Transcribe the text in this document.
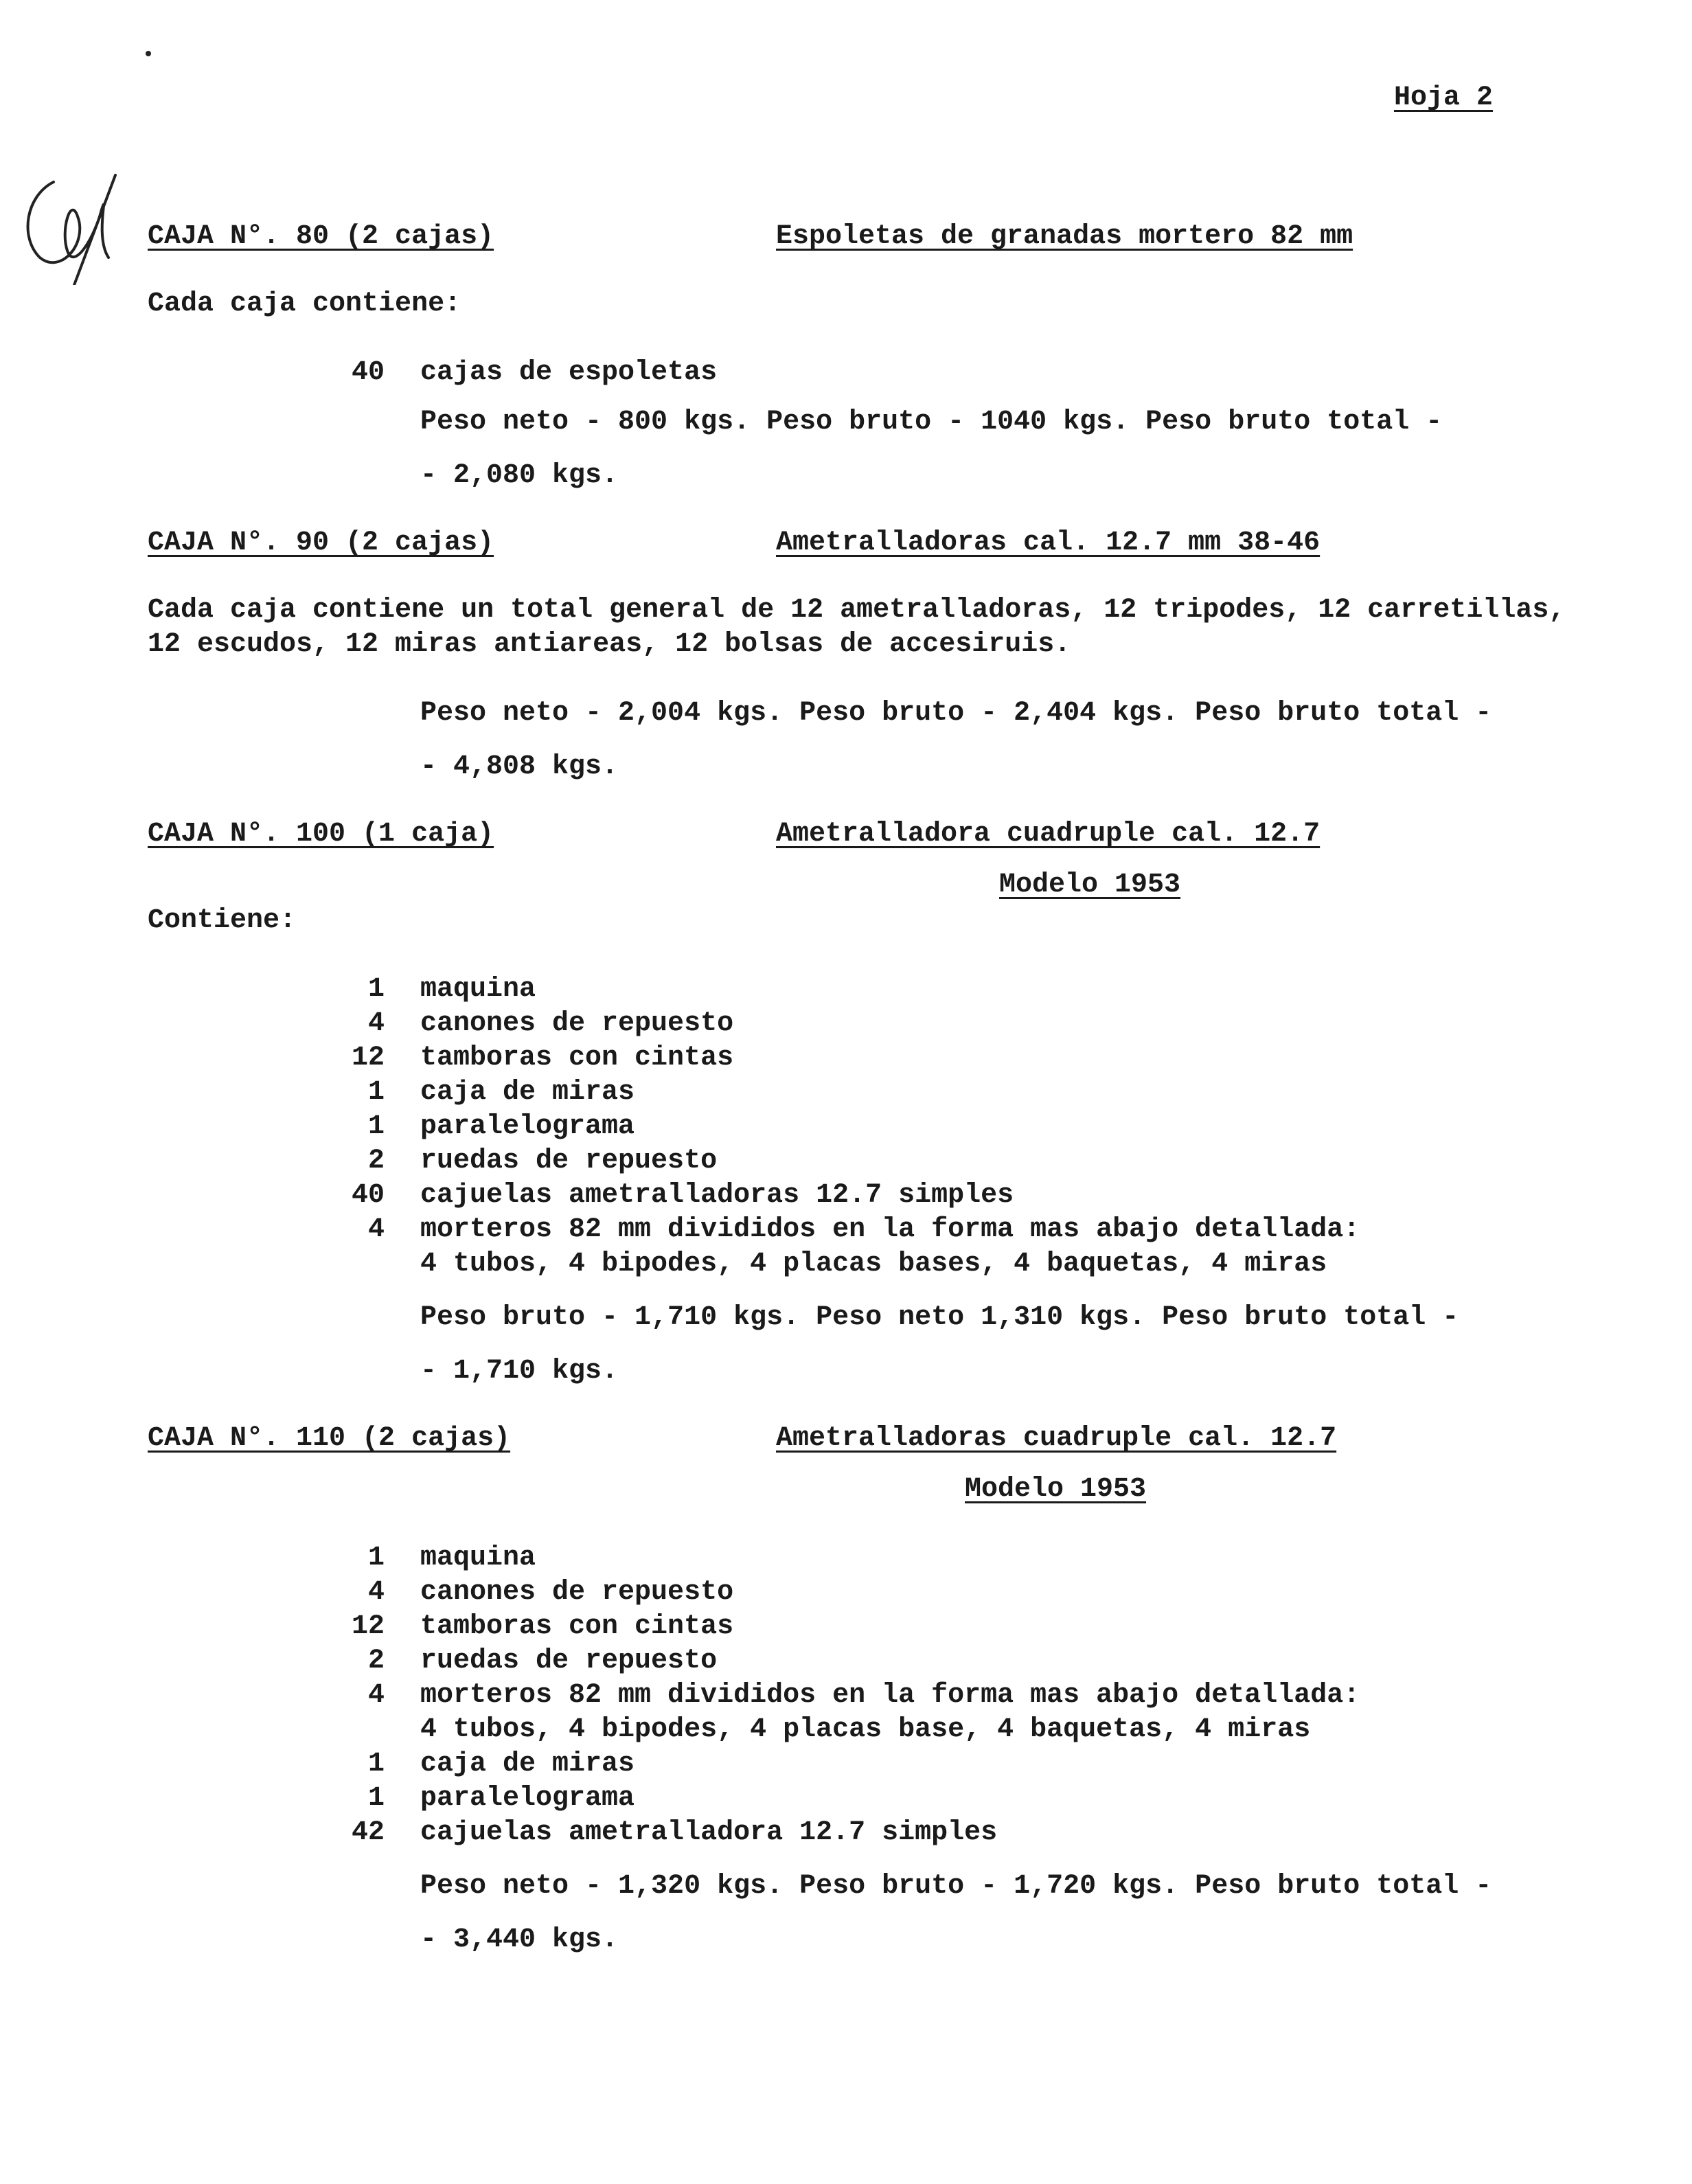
Hoja 2
CAJA N°. 80 (2 cajas)	Espoletas de granadas mortero 82 mm
Cada caja contiene:
40 cajas de espoletas
Peso neto - 800 kgs. Peso bruto - 1040 kgs. Peso bruto total -
- 2,080 kgs.
CAJA N°. 90 (2 cajas)	Ametralladoras cal. 12.7 mm 38-46
Cada caja contiene un total general de 12 ametralladoras, 12 tripodes, 12 carretillas,
12 escudos, 12 miras antiareas, 12 bolsas de accesiruis.
Peso neto - 2,004 kgs. Peso bruto - 2,404 kgs. Peso bruto total -
- 4,808 kgs.
CAJA N°. 100 (1 caja)	Ametralladora cuadruple cal. 12.7
Modelo 1953
Contiene:
1 maquina
4 canones de repuesto
12 tamboras con cintas
1 caja de miras
1 paralelograma
2 ruedas de repuesto
40 cajuelas ametralladoras 12.7 simples
4 morteros 82 mm divididos en la forma mas abajo detallada:
4 tubos, 4 bipodes, 4 placas bases, 4 baquetas, 4 miras
Peso bruto - 1,710 kgs. Peso neto 1,310 kgs. Peso bruto total -
- 1,710 kgs.
CAJA N°. 110 (2 cajas)	Ametralladoras cuadruple cal. 12.7
Modelo 1953
1 maquina
4 canones de repuesto
12 tamboras con cintas
2 ruedas de repuesto
4 morteros 82 mm divididos en la forma mas abajo detallada:
4 tubos, 4 bipodes, 4 placas base, 4 baquetas, 4 miras
1 caja de miras
1 paralelograma
42 cajuelas ametralladora 12.7 simples
Peso neto - 1,320 kgs. Peso bruto - 1,720 kgs. Peso bruto total -
- 3,440 kgs.
